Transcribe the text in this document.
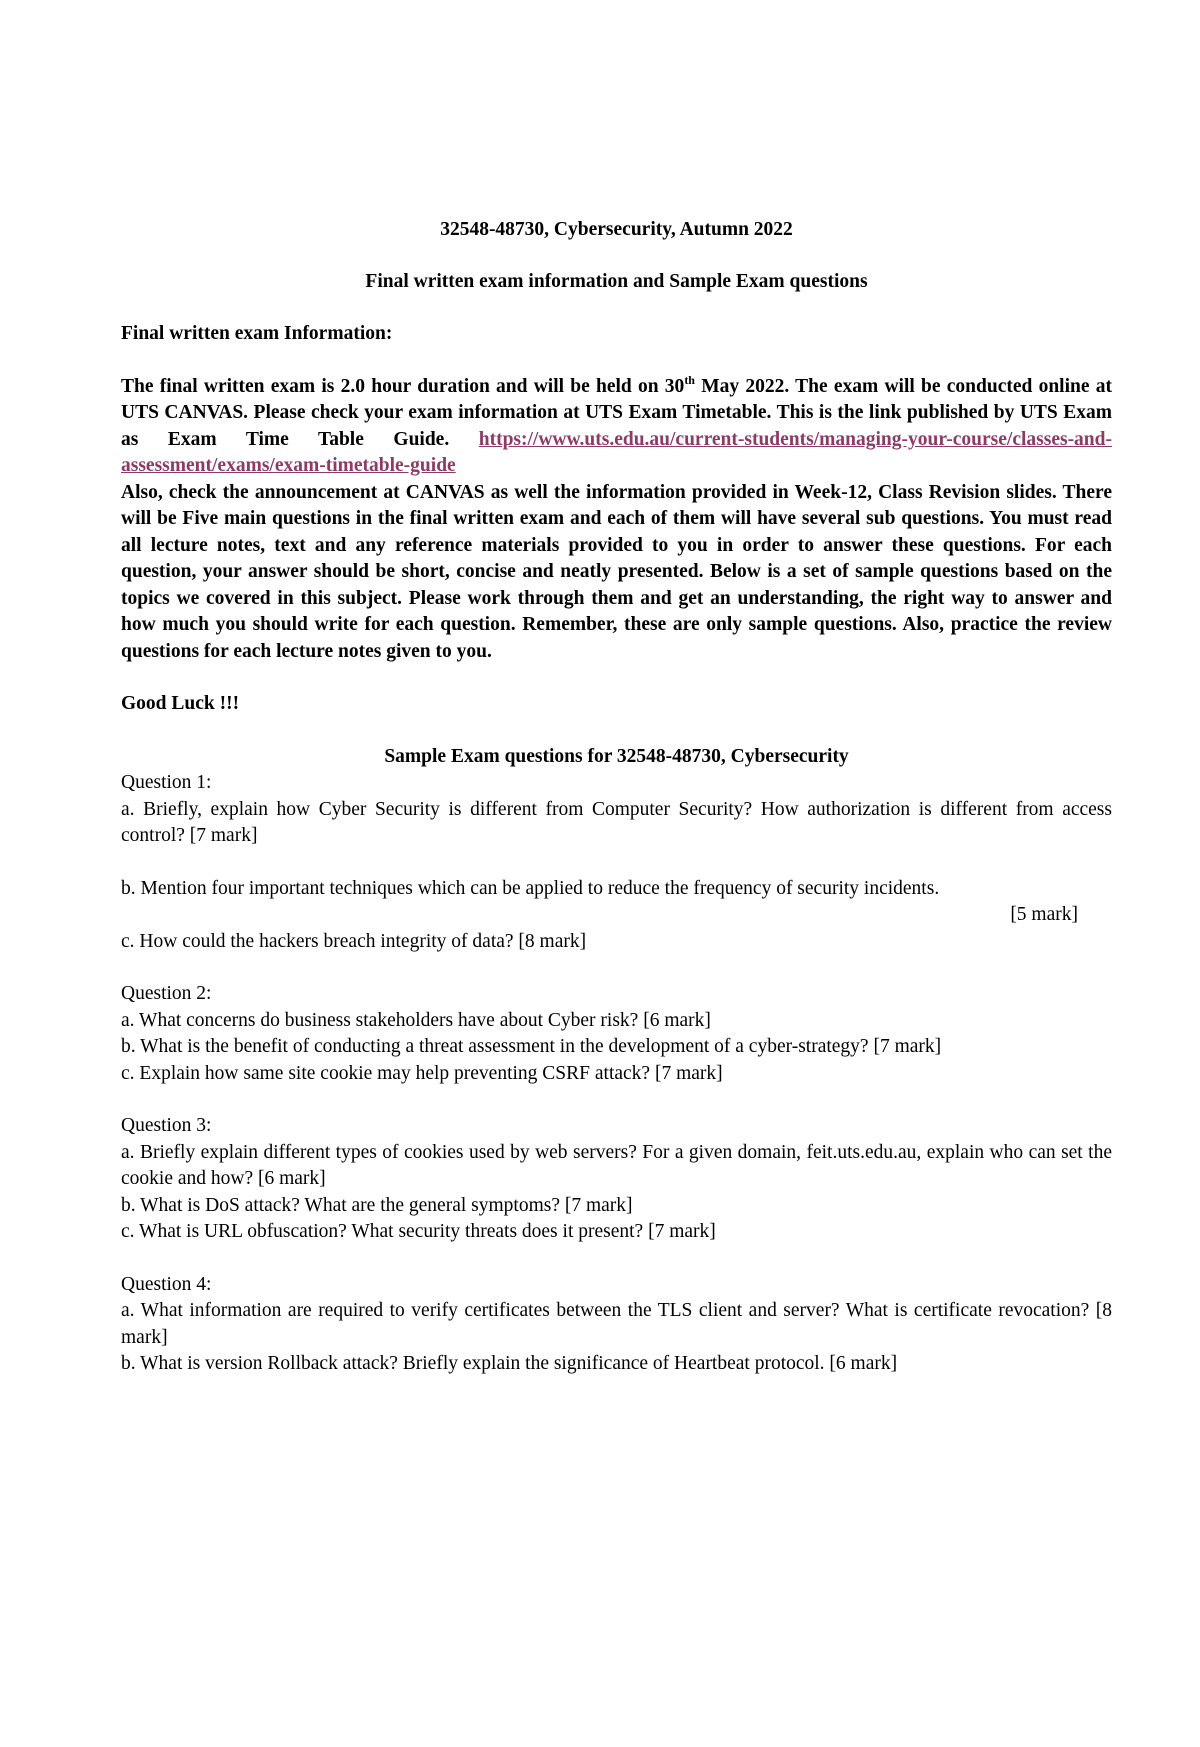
32548-48730, Cybersecurity, Autumn 2022

Final written exam information and Sample Exam questions

Final written exam Information:

The final written exam is 2.0 hour duration and will be held on 30th May 2022. The exam will be conducted online at UTS CANVAS. Please check your exam information at UTS Exam Timetable. This is the link published by UTS Exam as Exam Time Table Guide. https://www.uts.edu.au/current-students/managing-your-course/classes-and-assessment/exams/exam-timetable-guide

Also, check the announcement at CANVAS as well the information provided in Week-12, Class Revision slides. There will be Five main questions in the final written exam and each of them will have several sub questions. You must read all lecture notes, text and any reference materials provided to you in order to answer these questions. For each question, your answer should be short, concise and neatly presented. Below is a set of sample questions based on the topics we covered in this subject. Please work through them and get an understanding, the right way to answer and how much you should write for each question. Remember, these are only sample questions. Also, practice the review questions for each lecture notes given to you.

Good Luck !!!

Sample Exam questions for 32548-48730, Cybersecurity

Question 1:

a. Briefly, explain how Cyber Security is different from Computer Security? How authorization is different from access control? [7 mark]

b. Mention four important techniques which can be applied to reduce the frequency of security incidents.
[5 mark]

c. How could the hackers breach integrity of data? [8 mark]

Question 2:

a. What concerns do business stakeholders have about Cyber risk? [6 mark]

b. What is the benefit of conducting a threat assessment in the development of a cyber-strategy? [7 mark]

c. Explain how same site cookie may help preventing CSRF attack? [7 mark]

Question 3:

a. Briefly explain different types of cookies used by web servers? For a given domain, feit.uts.edu.au, explain who can set the cookie and how? [6 mark]

b. What is DoS attack? What are the general symptoms? [7 mark]

c. What is URL obfuscation? What security threats does it present? [7 mark]

Question 4:

a. What information are required to verify certificates between the TLS client and server? What is certificate revocation? [8 mark]

b. What is version Rollback attack? Briefly explain the significance of Heartbeat protocol. [6 mark]
